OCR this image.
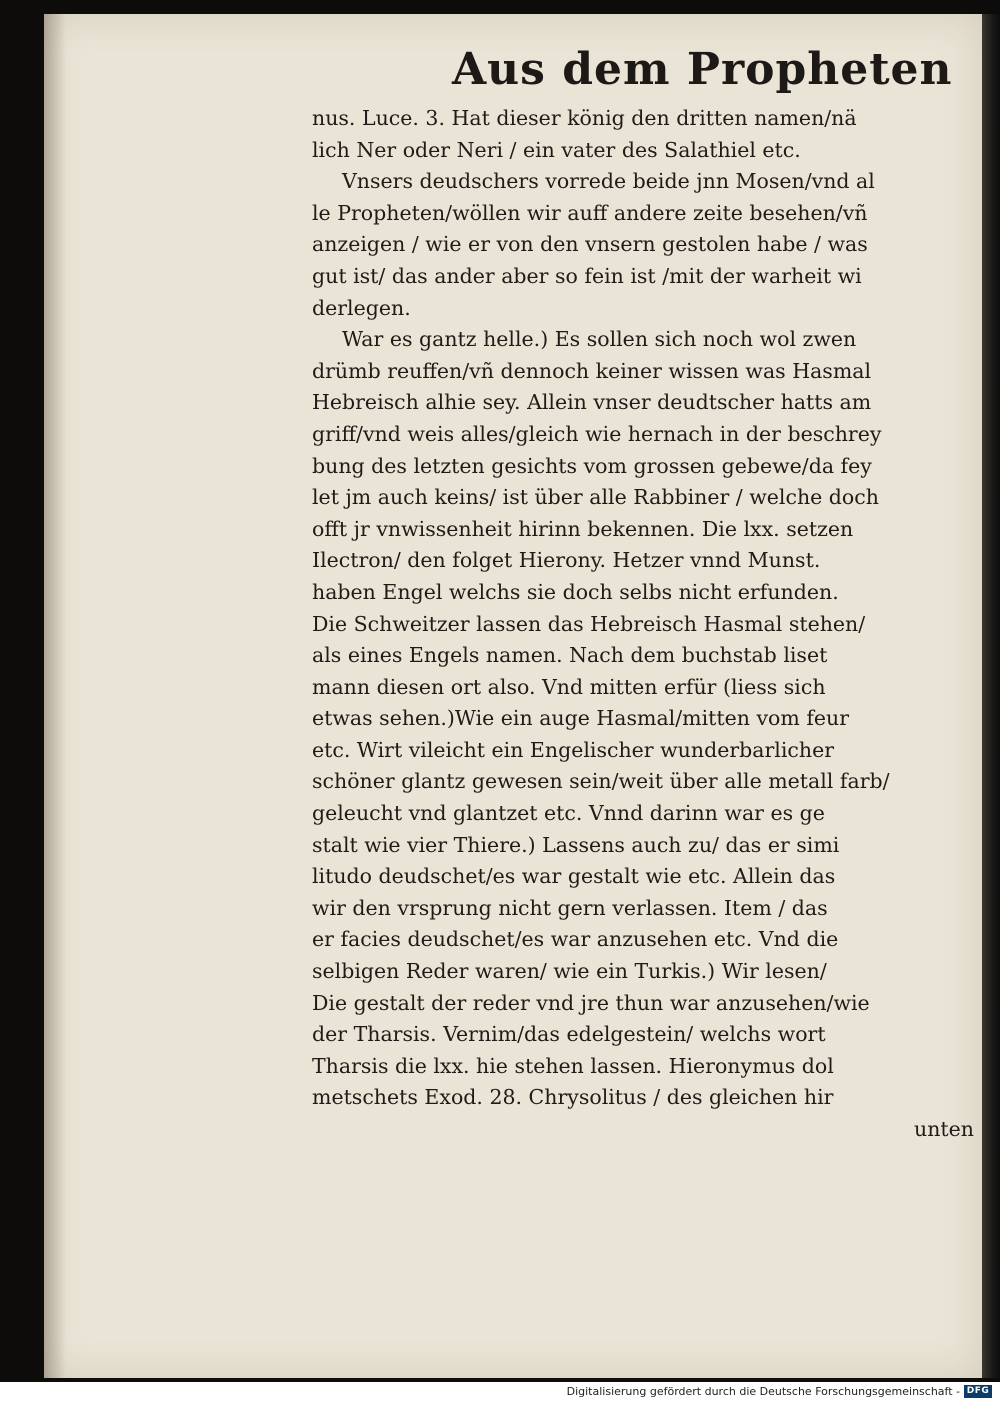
Aus dem Propheten
nus. Luce. 3. Hat dieser könig den dritten namen/nä
lich Ner oder Neri / ein vater des Salathiel etc.
Vnsers deudschers vorrede beide jnn Mosen/vnd al
le Propheten/wöllen wir auff andere zeite besehen/vñ
anzeigen / wie er von den vnsern gestolen habe / was
gut ist/ das ander aber so fein ist /mit der warheit wi
derlegen.
War es gantz helle.) Es sollen sich noch wol zwen
drümb reuffen/vñ dennoch keiner wissen was Hasmal
Hebreisch alhie sey. Allein vnser deudtscher hatts am
griff/vnd weis alles/gleich wie hernach in der beschrey
bung des letzten gesichts vom grossen gebewe/da fey
let jm auch keins/ ist über alle Rabbiner / welche doch
offt jr vnwissenheit hirinn bekennen. Die lxx. setzen
Ilectron/ den folget Hierony. Hetzer vnnd Munst.
haben Engel welchs sie doch selbs nicht erfunden.
Die Schweitzer lassen das Hebreisch Hasmal stehen/
als eines Engels namen. Nach dem buchstab liset
mann diesen ort also. Vnd mitten erfür (liess sich
etwas sehen.)Wie ein auge Hasmal/mitten vom feur
etc. Wirt vileicht ein Engelischer wunderbarlicher
schöner glantz gewesen sein/weit über alle metall farb/
geleucht vnd glantzet etc. Vnnd darinn war es ge
stalt wie vier Thiere.) Lassens auch zu/ das er simi
litudo deudschet/es war gestalt wie etc. Allein das
wir den vrsprung nicht gern verlassen. Item / das
er facies deudschet/es war anzusehen etc. Vnd die
selbigen Reder waren/ wie ein Turkis.) Wir lesen/
Die gestalt der reder vnd jre thun war anzusehen/wie
der Tharsis. Vernim/das edelgestein/ welchs wort
Tharsis die lxx. hie stehen lassen. Hieronymus dol
metschets Exod. 28. Chrysolitus / des gleichen hir
unten
Digitalisierung gefördert durch die Deutsche Forschungsgemeinschaft - DFG
